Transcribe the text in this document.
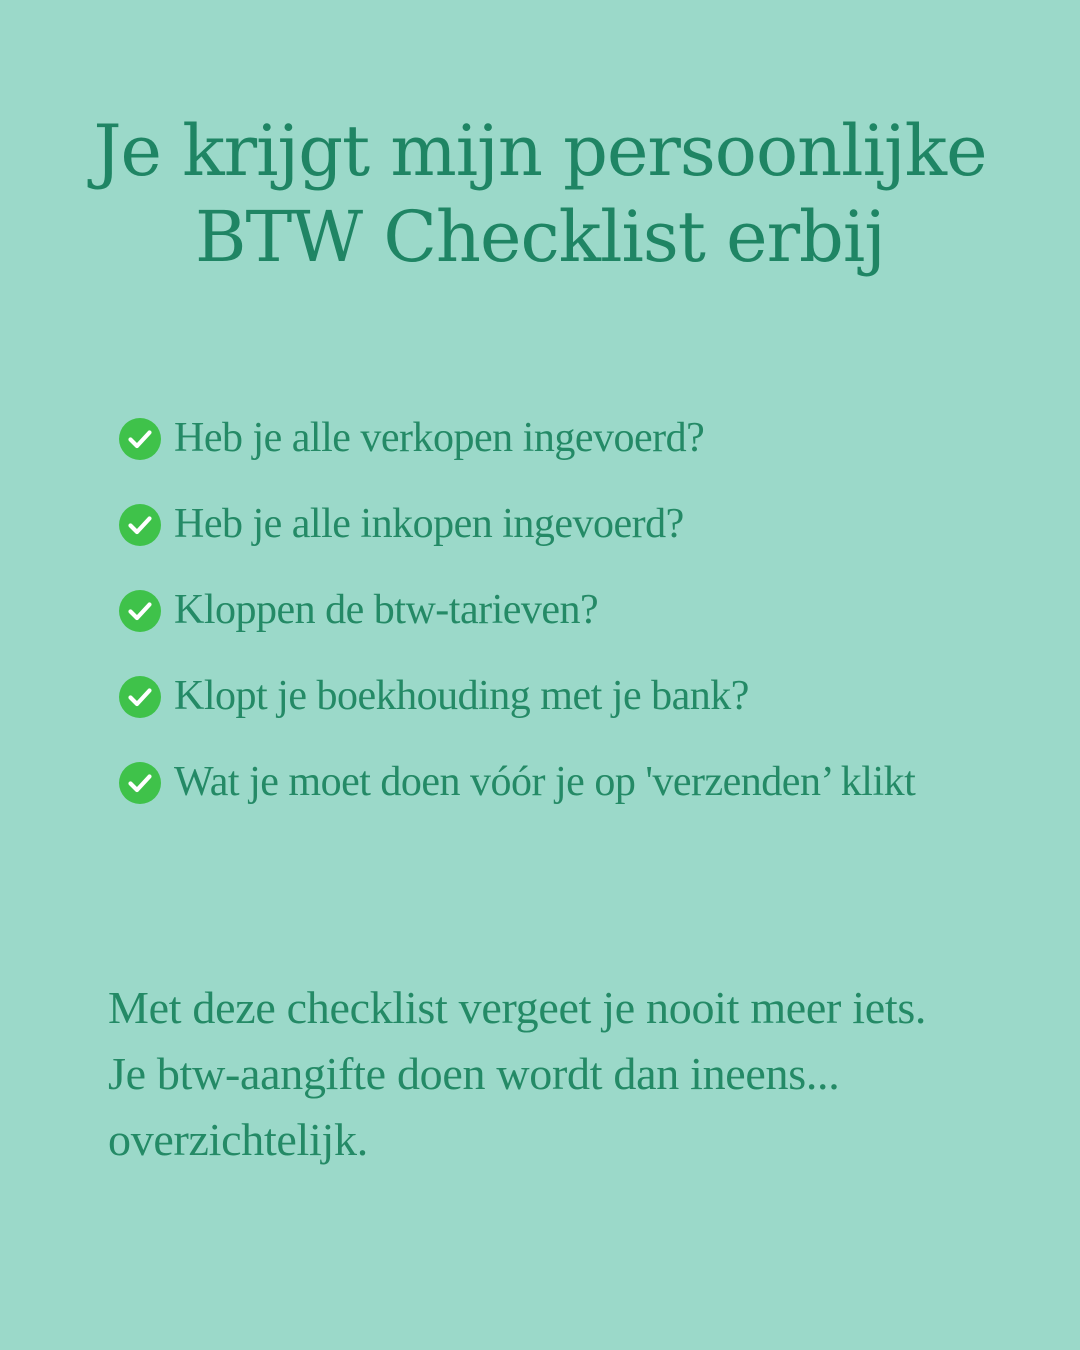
Je krijgt mijn persoonlijke
BTW Checklist erbij
Heb je alle verkopen ingevoerd?
Heb je alle inkopen ingevoerd?
Kloppen de btw-tarieven?
Klopt je boekhouding met je bank?
Wat je moet doen vóór je op 'verzenden’ klikt

Met deze checklist vergeet je nooit meer iets. Je btw-aangifte doen wordt dan ineens... overzichtelijk.
